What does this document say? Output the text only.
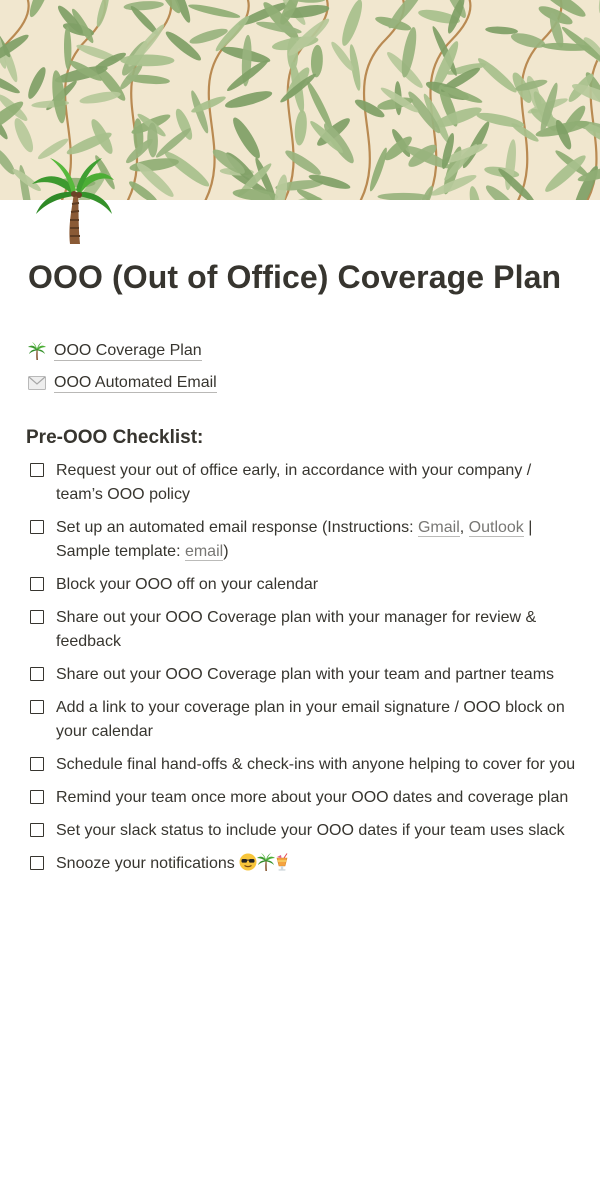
OOO (Out of Office) Coverage Plan
OOO Coverage Plan
OOO Automated Email
Pre-OOO Checklist:
Request your out of office early, in accordance with your company / team’s OOO policy
Set up an automated email response (Instructions: Gmail, Outlook | Sample template: email)
Block your OOO off on your calendar
Share out your OOO Coverage plan with your manager for review & feedback
Share out your OOO Coverage plan with your team and partner teams
Add a link to your coverage plan in your email signature / OOO block on your calendar
Schedule final hand-offs & check-ins with anyone helping to cover for you
Remind your team once more about your OOO dates and coverage plan
Set your slack status to include your OOO dates if your team uses slack
Snooze your notifications
